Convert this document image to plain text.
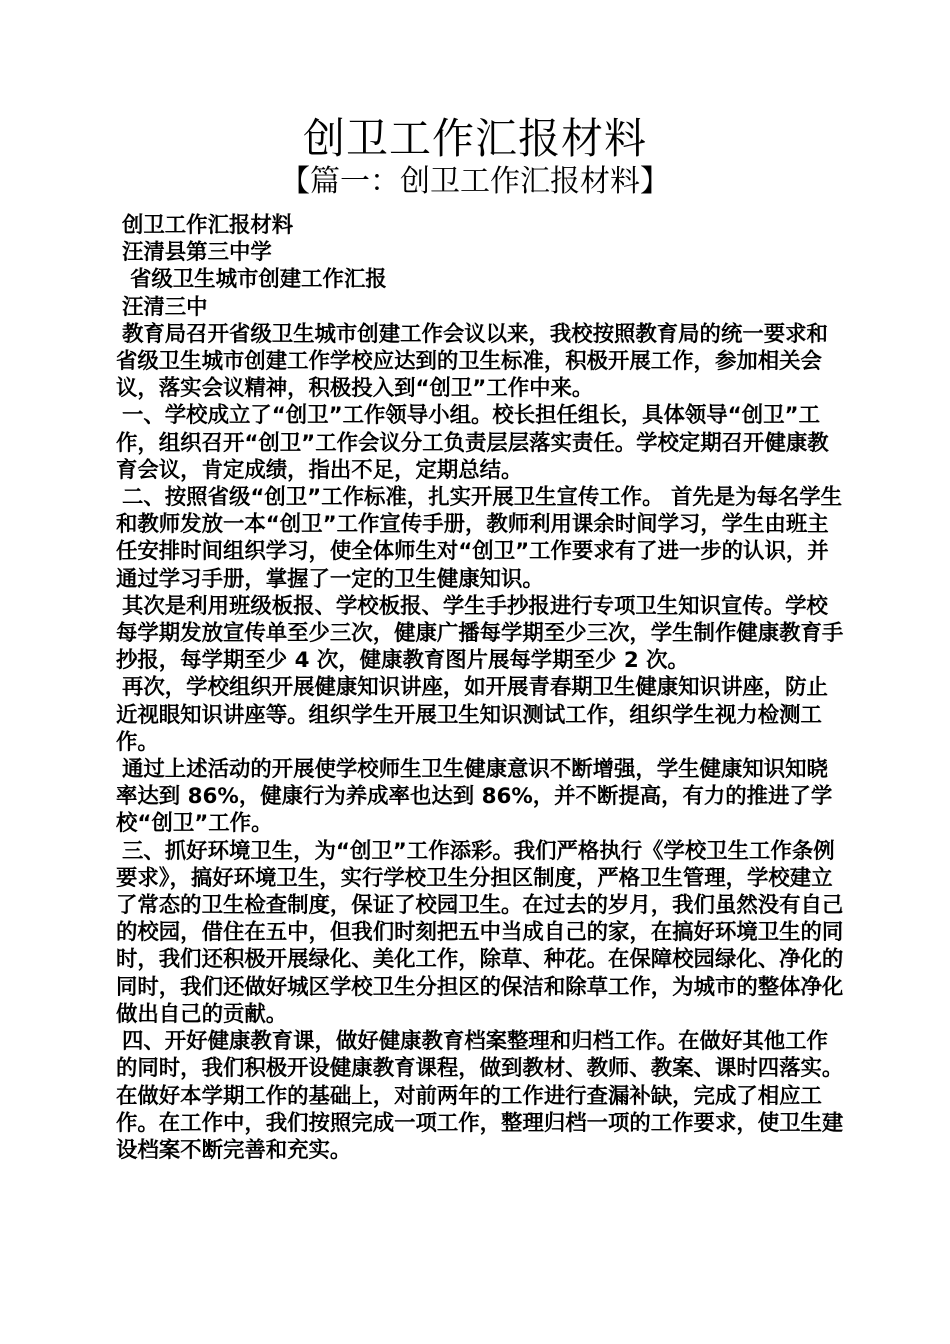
创卫工作汇报材料
【篇一：创卫工作汇报材料】

创卫工作汇报材料

汪清县第三中学

省级卫生城市创建工作汇报

汪清三中

教育局召开省级卫生城市创建工作会议以来，我校按照教育局的统一要求和省级卫生城市创建工作学校应达到的卫生标准，积极开展工作，参加相关会议，落实会议精神，积极投入到“创卫”工作中来。

一、学校成立了“创卫”工作领导小组。校长担任组长，具体领导“创卫”工作，组织召开“创卫”工作会议分工负责层层落实责任。学校定期召开健康教育会议，肯定成绩，指出不足，定期总结。

二、按照省级“创卫”工作标准，扎实开展卫生宣传工作。 首先是为每名学生和教师发放一本“创卫”工作宣传手册，教师利用课余时间学习，学生由班主任安排时间组织学习，使全体师生对“创卫”工作要求有了进一步的认识，并通过学习手册，掌握了一定的卫生健康知识。

其次是利用班级板报、学校板报、学生手抄报进行专项卫生知识宣传。学校每学期发放宣传单至少三次，健康广播每学期至少三次，学生制作健康教育手抄报，每学期至少 4 次，健康教育图片展每学期至少 2 次。

再次，学校组织开展健康知识讲座，如开展青春期卫生健康知识讲座，防止近视眼知识讲座等。组织学生开展卫生知识测试工作，组织学生视力检测工作。

通过上述活动的开展使学校师生卫生健康意识不断增强，学生健康知识知晓率达到 86%，健康行为养成率也达到 86%，并不断提高，有力的推进了学校“创卫”工作。

三、抓好环境卫生，为“创卫”工作添彩。我们严格执行《学校卫生工作条例要求》，搞好环境卫生，实行学校卫生分担区制度，严格卫生管理，学校建立了常态的卫生检查制度，保证了校园卫生。在过去的岁月，我们虽然没有自己的校园，借住在五中，但我们时刻把五中当成自己的家，在搞好环境卫生的同时，我们还积极开展绿化、美化工作，除草、种花。在保障校园绿化、净化的同时，我们还做好城区学校卫生分担区的保洁和除草工作，为城市的整体净化做出自己的贡献。

四、开好健康教育课，做好健康教育档案整理和归档工作。在做好其他工作的同时，我们积极开设健康教育课程，做到教材、教师、教案、课时四落实。在做好本学期工作的基础上，对前两年的工作进行查漏补缺，完成了相应工作。在工作中，我们按照完成一项工作，整理归档一项的工作要求，使卫生建设档案不断完善和充实。
